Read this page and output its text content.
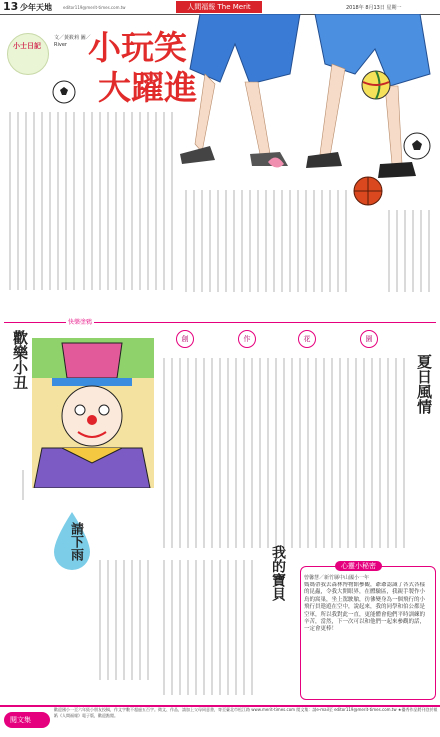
13 少年天地	editor119@merit-times.com.tw	人間福報 The Merit	2018年 8月13日 星期一
小士日記
文／黃筱莉 圖／River 小玩笑
大躍進
快樂塗鴉
創	作	花	園
歡樂小丑	夏日風情
小小詩人 請下雨
我的寶貝	心靈小秘密
曾馨慧／新竹縣中山國小一年
媽媽帶我去森林博物館參觀，爺爺認識了各式各樣的昆蟲，令我大開眼界，在體驗區，我親手製作小鳥的窩巢，坐上駕駛艙，彷彿變身為一個飛行的小飛行員遨遊在空中，說起來，我的同學和伯公都是空軍，所以我對此一直，更能體會他們平時訓練的辛苦，當然，下一次可以和他們一起來參觀的話，一定會更棒！
閱文集
歡迎國小一至六年級小朋友投稿，作文字數不超過五百字。徵文、作品，請加上父母同意書，寄至臺北市松江路 www.merit-times.com 閱文集：請e-mail至 editor119@merit-times.com.tw ★優秀作品將刊登於報紙《人間福報》電子版，歡迎點閱。
